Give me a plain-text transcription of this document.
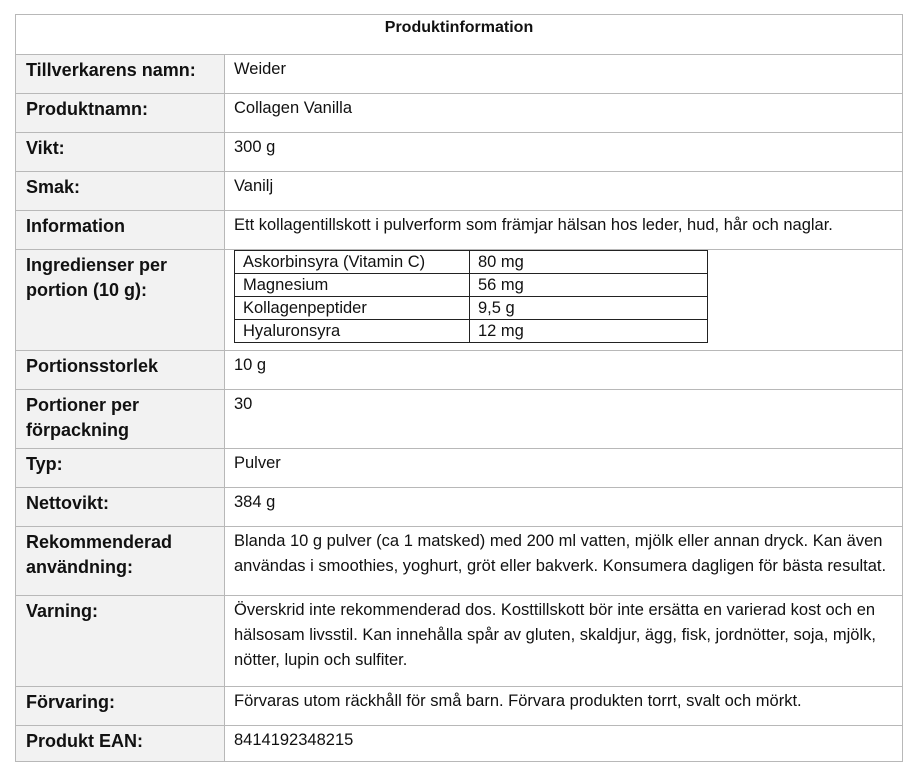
Produktinformation
Tillverkarens namn:	Weider
Produktnamn:	Collagen Vanilla
Vikt:	300 g
Smak:	Vanilj
Information	Ett kollagentillskott i pulverform som främjar hälsan hos leder, hud, hår och naglar.
Ingredienser per portion (10 g):	
Askorbinsyra (Vitamin C)	80 mg
Magnesium	56 mg
Kollagenpeptider	9,5 g
Hyaluronsyra	12 mg

Portionsstorlek	10 g
Portioner per förpackning	30
Typ:	Pulver
Nettovikt:	384 g
Rekommenderad användning:	Blanda 10 g pulver (ca 1 matsked) med 200 ml vatten, mjölk eller annan dryck. Kan även användas i smoothies, yoghurt, gröt eller bakverk. Konsumera dagligen för bästa resultat.
Varning:	Överskrid inte rekommenderad dos. Kosttillskott bör inte ersätta en varierad kost och en hälsosam livsstil. Kan innehålla spår av gluten, skaldjur, ägg, fisk, jordnötter, soja, mjölk, nötter, lupin och sulfiter.
Förvaring:	Förvaras utom räckhåll för små barn. Förvara produkten torrt, svalt och mörkt.
Produkt EAN:	8414192348215
